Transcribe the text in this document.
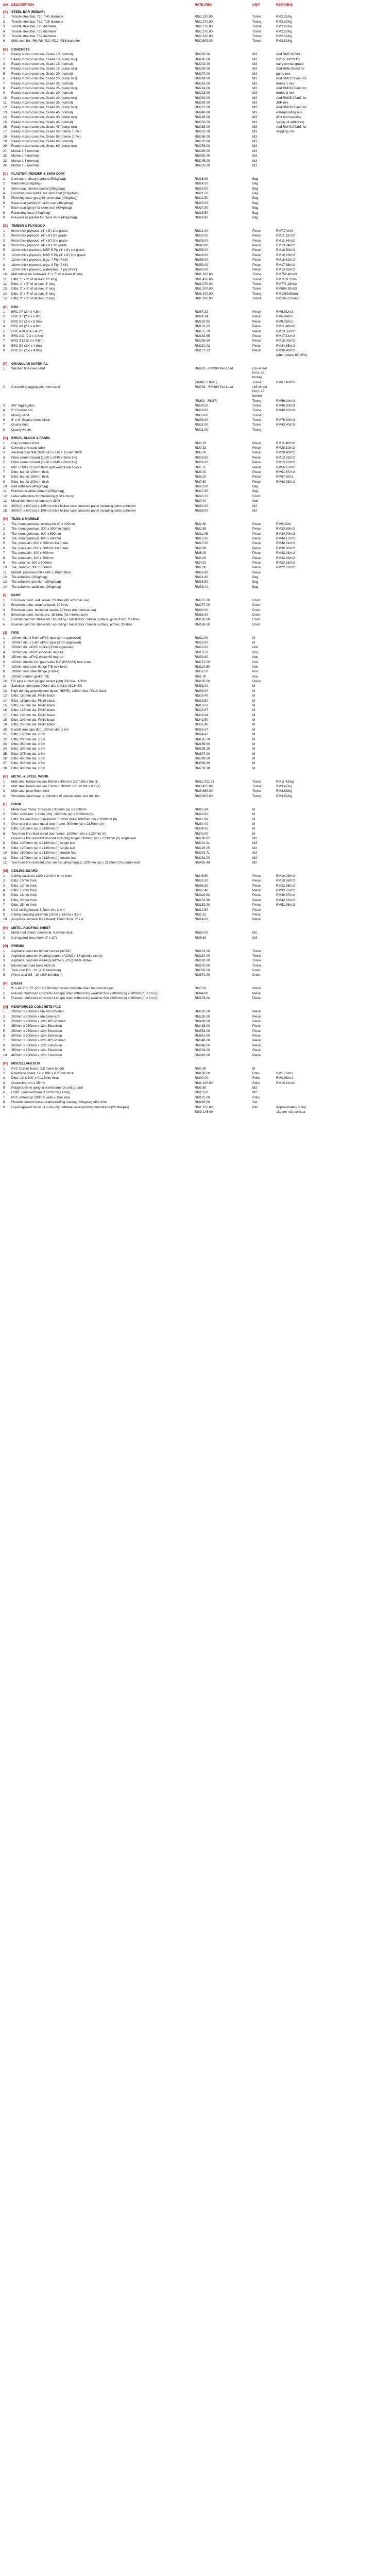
S/N	DESCRIPTION	RATE (RM)	UNIT	REMARKS
[A]	STEEL BAR (REBAR)			
1	Tensile steel bar, T10, T40 diameter	RM2,320.00	Tonne	RM2.32/kg
2	Tensile steel bar, T12, T16 diameter	RM2,270.00	Tonne	RM2.27/kg
3	Tensile steel bar, T20 diameter	RM2,270.00	Tonne	RM2.27/kg
4	Tensile steel bar, T25 diameter	RM2,270.00	Tonne	RM2.27/kg
5	Tensile steel bar, T32 diameter	RM2,320.00	Tonne	RM2.32/kg
6	Mild steel bar, R6, R8, R10, R12, R16 diameter	RM2,500.00	Tonne	RM2.50/kg

[B]	CONCRETE			
1	Ready mixed concrete, Grade 10 (normal)	RM200.00	M3	Add RM5.00/m3 -
2	Ready mixed concrete, Grade 10 (pump mix)	RM206.00	M3	RM15.00/m3 for
3	Ready mixed concrete, Grade 15 (normal)	RM202.00	M3	early normal grade
4	Ready mixed concrete, Grade 15 (pump mix)	RM209.00	M3	Add RM6.00/m3 for
5	Ready mixed concrete, Grade 20 (normal)	RM207.00	M3	pump mix
6	Ready mixed concrete, Grade 20 (pump mix)	RM214.00	M3	Add RM12.00/m3 for
7	Ready mixed concrete, Grade 25 (normal)	RM216.00	M3	tremie 1 mix
8	Ready mixed concrete, Grade 25 (pump mix)	RM224.00	M3	Add RM18.00/m3 for
9	Ready mixed concrete, Grade 30 (normal)	RM223.00	M3	tremie 2 mix
10	Ready mixed concrete, Grade 30 (pump mix)	RM230.00	M3	Add RM25.00/m3 for
11	Ready mixed concrete, Grade 35 (normal)	RM230.00	M3	JKR mix
12	Ready mixed concrete, Grade 35 (pump mix)	RM237.00	M3	Add RM20.00/m3 for
13	Ready mixed concrete, Grade 40 (normal)	RM240.00	M3	waterproofing mix
14	Ready mixed concrete, Grade 40 (pump mix)	RM248.00	M3	(But not including
15	Ready mixed concrete, Grade 45 (normal)	RM250.00	M3	supply of additives)
16	Ready mixed concrete, Grade 45 (pump mix)	RM258.00	M3	Add RM40.00/m3 for
17	Ready mixed concrete, Grade 50 (tremie 1 mix)	RM232.00	M3	shipping mix
18	Ready mixed concrete, Grade 55 (tremie 2 mix)	RM288.00	M3	
19	Ready mixed concrete, Grade 60 (normal)	RM270.00	M3	
20	Ready mixed concrete, Grade 60 (pump mix)	RM278.00	M3	
21	Mortar 1:3 (normal)	RM285.00	M3	
22	Mortar 1:4 (normal)	RM260.00	M3	
23	Mortar 1:6 (normal)	RM245.00	M3	
24	Mortar 1:8 (normal)	RM235.00	M3	

[C]	PLASTER, RENDER & SKIM COAT			
1	Cement, ordinary portland (50kg/bag)	RM18.90	Bag	
2	Wallcrete (50kg/bag)	RM14.50	Bag	
3	Skim coat, cement based (25kg/bag)	RM15.00	Bag	
4	Finishing coat (white) for skim coat (25kg/bag)	RM21.50	Bag	
5	Finishing coat (grey) for skim coat (40kg/bag)	RM21.50	Bag	
6	Base coat (white) for skim coat (40kg/bag)	RM15.00	Bag	
7	Base coat (grey) for skim coat (40kg/bag)	RM17.80	Bag	
8	Rendering coat (40kg/bag)	RM16.50	Bag	
9	Pre-packed plaster for block work (40kg/bag)	RM14.80	Bag	

[D]	TIMBER & PLYWOOD			
1	9mm thick plywood, (4' x 8') 2nd grade	RM21.00	Piece	RM7.74/m2
2	9mm thick plywood, (4' x 8') 3rd grade	RM33.00	Piece	RM11.12/m2
3	9mm thick plywood, (4' x 8') 2nd grade	RM38.00	Piece	RM11.44/m2
4	9mm thick plywood, (4' x 8') 3rd grade	RM43.00	Piece	RM13.24/m2
5	12mm thick plywood, MBP 5 Ply (4' x 8') 1st grade	RM55.00	Piece	RM18.50/m2
6	12mm thick plywood, MBP 5 Ply (4' x 8') 2nd grade	RM49.00	Piece	RM16.83/m2
7	12mm thick plywood, tego, 7 Ply (4'x8')	RM55.00	Piece	RM18.62/m2
8	18mm thick plywood, tego, 9 Ply (4'x8')	RM53.00	Piece	RM17.83/m2
9	12mm thick plywood, waterproof, 7 ply (4'x8')	RM40.00	Piece	RM13.45/m2
10	Mild timber for formwork 1" x 7" of at least 8' long	RM1,100.00	Tonne	RM751.48/m3
11	Ditto; 1" x 9" of at least 12' long	RM1,470.00	Tonne	RM1189.32/m3
12	Ditto; 1" x 9" of at least 8' long	RM1,070.00	Tonne	RM771.28/m3
13	Ditto; 2" x 5" of at least 8' long	RM1,200.00	Tonne	RM884.90/m3
14	Ditto; 2" x 4" of at least 8' long	RM1,470.00	Tonne	RM1059.58/m3
15	Ditto; 2" x 2" of at least 8' long	RM1,180.00	Tonne	RM1063.28/m3

[E]	BRC			
1	BRC A7 (2.4 x 4.8m)	RM67.32	Piece	RM5.91/m2
2	BRC A7 (2.4 x 6.0m)	RM91.34	Piece	RM6.94/m2
3	BRC B7 (2.4 x 6.0m)	RM119.03	Piece	RM8.08/m2
4	BRC A9 (2.4 x 4.8m)	RM131.35	Piece	RM11.46/m2
5	BRC A10 (2.4 x 4.8m)	RM155.79	Piece	RM13.36/m2
6	BRC A11 (2.4 x 4.8m)	RM182.65	Piece	RM17.14/m2
7	BRC B12 (2.4 x 4.8m)	RM208.60	Piece	RM18.00/m2
8	BRC B9 (2.4 x 4.8m)	RM210.02	Piece	RM24.35/m2
9	BRC B8 (2.4 x 4.8m)	RM177.33	Piece	RM30.40/m2
				(after rebate 66.00%)

[F]	GRANULAR MATERIAL			
1	Washed fine river sand	RM902 - RM990 Per Load	(16-wheel lorry; 22	
			tonne)	
		(RM41 - RM45)	Tonne	RM67.40/m3
2	Concreting aggregate, mine sand	RM748 - RM880 Per Load	(16-wheel lorry; 22	
			tonne)	
		(RM32 - RM37)	Tonne	RM56.34/m3
3	3/4" Aggregates	RM34.50	Tonne	RM48.30/m3
4	2" Crusher run	RM29.00	Tonne	RM40.60/m3
5	Mining sand	RM36.00	Tonne	
6	6" x 9" Granite stone block	RM53.00	Tonne	RM75.90/m3
7	Quarry dust	RM31.00	Tonne	RM43.40/m3
8	Quarry waste	RM21.00	Tonne	

[G]	BRICK, BLOCK & PANEL			
1	Clay common brick	RM0.33	Piece	RM11.40/m2
2	Cement and sand brick	RM0.33	Piece	RM28.10/m2
3	Aerated concrete block 610 x 110 x 115mm thick	RM3.60	Piece	RM28.40/m2
4	Fibre cement board (1220 x 2440 x 9mm thk)	RM39.60	Piece	RM13.33/m2
5	Fibre cement board (1220 x 2440 x 6mm thk)	RM69.30	Piece	RM15.10/m2
6	600 x 200 x 125mm thick light weight AAC block	RM6.75	Piece	RM56.25/m2
7	Ditto; but for 100mm thick	RM5.30	Piece	RM51.67/m2
8	Ditto; but for 150mm thick	RM8.20	Piece	RM67.5/m2
9	Ditto; but for 200mm thick	RM7.60	Piece	RM63.33/m2
10	Bed Adhesive (40kg/bag)	RM25.00	Bag	
11	Bondstone white cement (25kg/bag)	RM17.80	Bag	
12	Latex admixture for plastering (4 litre /tunu)	RM43.20	Drum	
13	Metal ties 4mm (undulate) x 230ft	RM0.40	Nos	
14	3000 (l) x 600 (w) x 125mm thick hollow core concrete panel including joints adhesive	RM82.00	M2	
15	3000 (l) x 600 (w) x 100mm thick hollow core concrete panel including joints adhesive	RM68.00	M2	

[H]	TILES & MARBLE			
1	Tile, homogeneous, nosing tile 80 x 200mm	RM1.80	Piece	RM9.00/m
2	Tile, homogeneous, 300 x 300mm (light)	RM2.55	Piece	RM23.89/m2
3	Tile, homogeneous, 600 x 600mm	RM11.05	Piece	RM30.70/m2
4	Tile, homogeneous, 600 x 600mm	RM15.90	Piece	RM44.17/m2
5	Tile, porcelain; 600 x 600mm 1st grade	RM17.50	Piece	RM48.61/m2
6	Tile, porcelain; 600 x 600mm 1st grade	RM9.90	Piece	RM30.00/m2
7	Tile, porcelain; 300 x 600mm	RM6.00	Piece	RM33.33/m2
8	Tile, porcelain; 300 x 300mm	RM3.00	Piece	RM33.33/m2
9	Tile, ceramic; 300 x 600mm	RM4.20	Piece	RM23.33/m2
10	Tile, ceramic; 300 x 300mm	RM2.00	Piece	RM22.22/m2
11	Marble, polished 600 x 600 x 18mm thick	RM66.90	Piece	
12	Tile adhesive (20kg/bag)	RM21.80	Bag	
13	Tile adhesive premium (20kg/bag)	RM38.50	Bag	
14	Tile adhesive additives (20kg/bag)	RM38.40	Bag	

[I]	PAINT			
1	Emulsion paint, wall sealer, 20 litres (for external use)	RM275.00	Drum	
2	Emulsion paint, weather bond, 20 litres	RM277.00	Drum	
3	Emulsion paint, basecoat sealer, 20 litres (for internal use)	RM90.00	Drum	
4	Emulsion paint, matex pro, 18 litres (for internal use)	RM68.00	Drum	
5	Enamel paint for steelwork / no railing / metal door / timber surface, gloss finish, 20 litres	RM166.00	Drum	
6	Enamel paint for steelwork / no railing / metal door / timber surface, primer, 20 litres	RM188.00	Drum	

[J]	PIPE			
1	100mm dia. x 5.8m uPVC pipe (2mm approved)	RM11.00	M	
2	100mm dia. x 5.8m uPVC pipe (2mm approved)	RM15.00	M	
3	150mm dia. uPVC socket (2mm approved)	RM20.00	Nos	
4	100mm dia. uPVC elbow 45 degree	RM13.50	Nos	
5	150mm dia. uPVC elbow 90 degree	RM33.80	Nos	
6	100mm ductile iron gate valve D/F (BS5163) haw b-tek	RM272.00	Nos	
7	100mm mild steel flange T/E (x/x hole)	RM110.50	Nos	
8	100mm mild steel flange (2-hole)	RM56.50	Nos	
9	100mm rubber gasket T/E	RM1.30	Nos	
10	RC pipe culvert (spigot socket joint) 300 dia.; 1.25m	RM105.60	Piece	
11	Stainless steel pipe 20mm dia. X 0.1m (SCH 40)	RM52.00	M	
12	High density polyethylene pipes (HDPE), 110mm dia. PN10 black	RM33.00	M	
13	Ditto; 160mm dia. PN10 black	RM29.40	M	
14	Ditto; 110mm dia. PN10 black	RM18.50	M	
15	Ditto; 140mm dia. PN10 black	RM18.58	M	
16	Ditto; 125mm dia. PN10 black	RM23.87	M	
17	Ditto; 160mm dia. PN10 black	RM29.94	M	
18	Ditto; 200mm dia. PN10 black	RM42.50	M	
19	Ditto; 250mm dia. PN10 black	RM51.40	M	
20	Ductile iron pipe (DI); 100mm dia. x 6m	RM69.37	M	
21	Ditto; 150mm dia. x 6m	RM94.47	M	
22	Ditto; 200mm dia. x 6m	RM126.70	M	
23	Ditto; 250mm dia. x 6m	RM159.60	M	
24	Ditto; 300mm dia. x 6m	RM195.20	M	
25	Ditto; 375mm dia. x 6m	RM307.90	M	
26	Ditto; 450mm dia. x 6m	RM389.60	M	
27	Ditto; 525mm dia. x 6m	RM569.80	M	
28	Ditto; 600mm dia. x 6m	RM733.10	M	

[K]	METAL & STEEL WORK			
1	Mild steel hollow section 50mm x 50mm x 2.3m thk x 6m (1)	RM11,421.93	Tonne	RM11.42/kg
2	Mild steel hollow section 75mm x 100mm x 2.3m thk x 6m (1)	RM3,475.00	Tonne	RM3.47/kg
3	Mild steel plate 6mm thick	RM3,660.00	Tonne	RM3.66/kg
4	Structural steel beams, columns of various sizes and the like	RM3,800.00	Tonne	RM3.80/kg

[L]	DOOR			
1	Metal door frame; zincalum 1000mm (w) x 2000mm	RM11.60	M	
2	Ditto; zincalum; 1.0mm (thk); 1000mm (w) x 2000mm (h)	RM13.50	M	
3	Ditto; 0.4-electronic galvanized; 1.0mm (thk); 1000mm (w) x 2000mm (h)	RM11.60	M	
4	One-hour fire rated metal door frame; 900mm (w) x 2130mm (h)	RM34.40	M	
5	Ditto; 1000mm (w) x 2130mm (h)	RM34.50	M	
6	Two-hour fire rated metal door frame; 1200mm (w) x 2130mm (h)	RM42.00	M	
7	One-hour fire resistant doorset including hinges; 900mm (w) x 2130mm (h) single leaf	RM290.82	M2	
8	Ditto; 1000mm (w) x 2130mm (h) single leaf	RM244.21	M2	
9	Ditto; 1200mm (w) x 2130mm (h) single leaf	RM225.05	M2	
10	Ditto; 1500mm (w) x 2130mm (h) double leaf	RM242.71	M2	
11	Ditto; 1800mm (w) x 2130mm (h) double leaf	RM261.00	M2	
12	Two-hour fire resistant door set including hinges; 1200mm (w) x 2130mm (h) double leaf	RM435.44	M2	

[M]	CEILING BOARD			
1	Ceiling calcined 1220 x 2440 x 9mm thick	RM48.50	Piece	RM16.29/m2
2	Ditto; 10mm thick	RM55.30	Piece	RM18.58/m2
3	Ditto; 12mm thick	RM66.30	Piece	RM22.26/m2
4	Ditto; 15mm thick	RM97.40	Piece	RM32.76/m2
5	Ditto; 18mm thick	RM116.00	Piece	RM38.97/m2
6	Ditto; 22mm thick	RM132.90	Piece	RM44.65/m2
7	Ditto; 25mm thick	RM152.90	Piece	RM51.36/m2
8	UAC ceiling board, 3.2mm thk; 2' x 4'	RM12.60	Piece	
9	Ceiling beading (internal) 12mm x 12mm x 3.6m	RM2.10	Piece	
10	Acoustical mineral fibre board; 12mm thick; 2' x 4'	RM14.00	Piece	

[N]	METAL ROOFING SHEET			
1	Metal roof sheet; colorbond; 0.47mm thick	RM60.00	M2	
2	Corrugated zinc sheet (2' x 10')	RM8.62	M2	

[O]	PREMIX			
1	Asphaltic concrete binder course (ACBC)	RM132.00	Tonne	
2	Asphaltic concrete wearing course (ACWC) -14 (granite stone)	RM134.00	Tonne	
3	Asphaltic concrete wearing (ACWC) -20 (granite stone)	RM128.00	Tonne	
4	Bituminous road base ACB 28	RM170.00	Tonne	
5	Tack coat RS - 1K (200 litre/drum)	RM350.00	Drum	
6	Prime coat SS - 1K (200 litre/drum)	RM370.00	Drum	

[P]	DRAIN			
1	9" x 41/2" x 36" (225 x 760mm) precast concrete drain half round pipe	RM5.00	Piece	
2	Precast reinforced concrete U-shape drain without dry weather flow (300mm(w) x 600mm(h) x 1m (l))	RM44.00	Piece	
3	Precast reinforced concrete U-shape drain without dry weather flow (900mm(w) x 900mm(h) x 1m (l))	RM176.00	Piece	

[Q]	REINFORCED CONCRETE PILE			
1	200mm x 200mm x 6m M/S Pointed	RM220.00	Piece	
2	200mm x 200mm x 6m Extension	RM220.00	Piece	
3	250mm x 250mm x 12m M/S Pointed	RM438.00	Piece	
4	250mm x 250mm x 12m Extension	RM438.00	Piece	
5	250mm x 250mm x 12m Extension	RM553.00	Piece	
6	300mm x 300mm x 12m Extension	RM641.00	Piece	
7	300mm x 300mm x 12m M/S Pointed	RM648.00	Piece	
8	300mm x 300mm x 12m Extension	RM648.00	Piece	
9	350mm x 350mm x 12m Extension	RM749.00	Piece	
10	400mm x 400mm x 12m Extension	RM918.00	Piece	

[R]	MISCELLANEOUS			
1	PVC Cornel Board; 2.5 meter length	RM0.90	M	
2	Polythene sheet; 12' x 100' x 0.25mm thick	RM158.00	Rolls	RM1.70/m2
3	Ditto; 12' x 100' x 0.125mm thick	RM90.00	Rolls	RM0.96/m2
4	Geotextile; 4m x 25mm	RM1,100.00	Rolls	RM10.11/m2
5	Polypropylene geogrid membrane for soft ground	RM9.80	M2	
6	HDPE geomembrane 1.5mm thick lining	RM13.60	M2	
7	PVC waterstop 200mm wide x 15m long	RM175.00	Rolls	
8	Flexible cement based waterproofing coating (30kg/set) ABA 30m	RM160.00	Set	
9	Liquid-applied moisture cure polyurethane waterproofing membrane (20 litre/pail)	RM1,150.00	Pail	Approximately 0.8kg
		SGD 145.00		1kg per m2 per coat
